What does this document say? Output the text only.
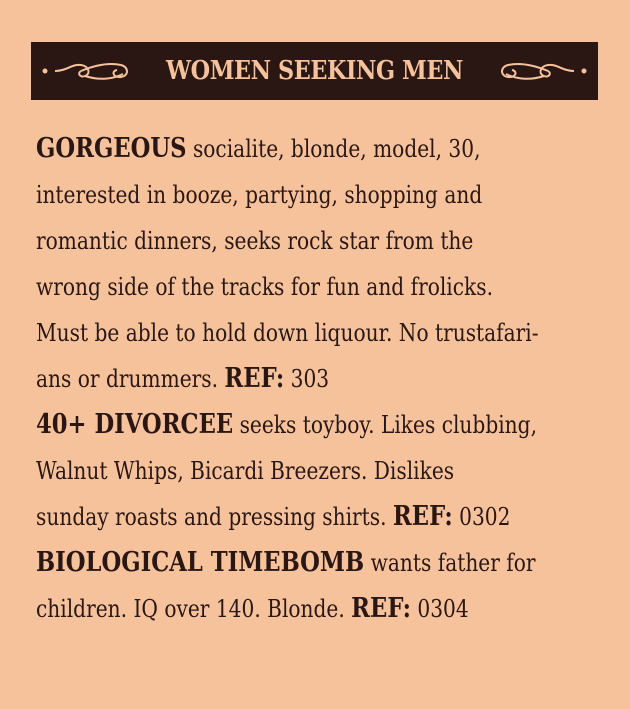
WOMEN SEEKING MEN
GORGEOUS socialite, blonde, model, 30,
interested in booze, partying, shopping and
romantic dinners, seeks rock star from the
wrong side of the tracks for fun and frolicks.
Must be able to hold down liquour. No trustafari-
ans or drummers. REF: 303
40+ DIVORCEE seeks toyboy. Likes clubbing,
Walnut Whips, Bicardi Breezers. Dislikes
sunday roasts and pressing shirts. REF: 0302
BIOLOGICAL TIMEBOMB wants father for
children. IQ over 140. Blonde. REF: 0304
